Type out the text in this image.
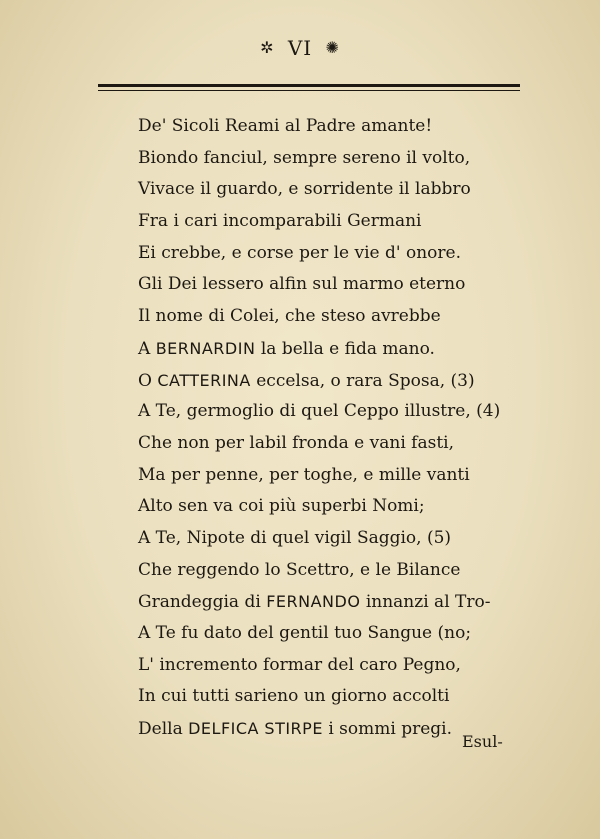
✲ VI ✺
De' Sicoli Reami al Padre amante!
Biondo fanciul, sempre sereno il volto,
Vivace il guardo, e sorridente il labbro
Fra i cari incomparabili Germani
Ei crebbe, e corse per le vie d' onore.
Gli Dei lessero alfin sul marmo eterno
Il nome di Colei, che steso avrebbe
A BERNARDIN la bella e fida mano.
O CATTERINA eccelsa, o rara Sposa, (3)
A Te, germoglio di quel Ceppo illustre, (4)
Che non per labil fronda e vani fasti,
Ma per penne, per toghe, e mille vanti
Alto sen va coi più superbi Nomi;
A Te, Nipote di quel vigil Saggio, (5)
Che reggendo lo Scettro, e le Bilance
Grandeggia di FERNANDO innanzi al Tro-
A Te fu dato del gentil tuo Sangue (no;
L' incremento formar del caro Pegno,
In cui tutti sarieno un giorno accolti
Della DELFICA STIRPE i sommi pregi.
Esul-
